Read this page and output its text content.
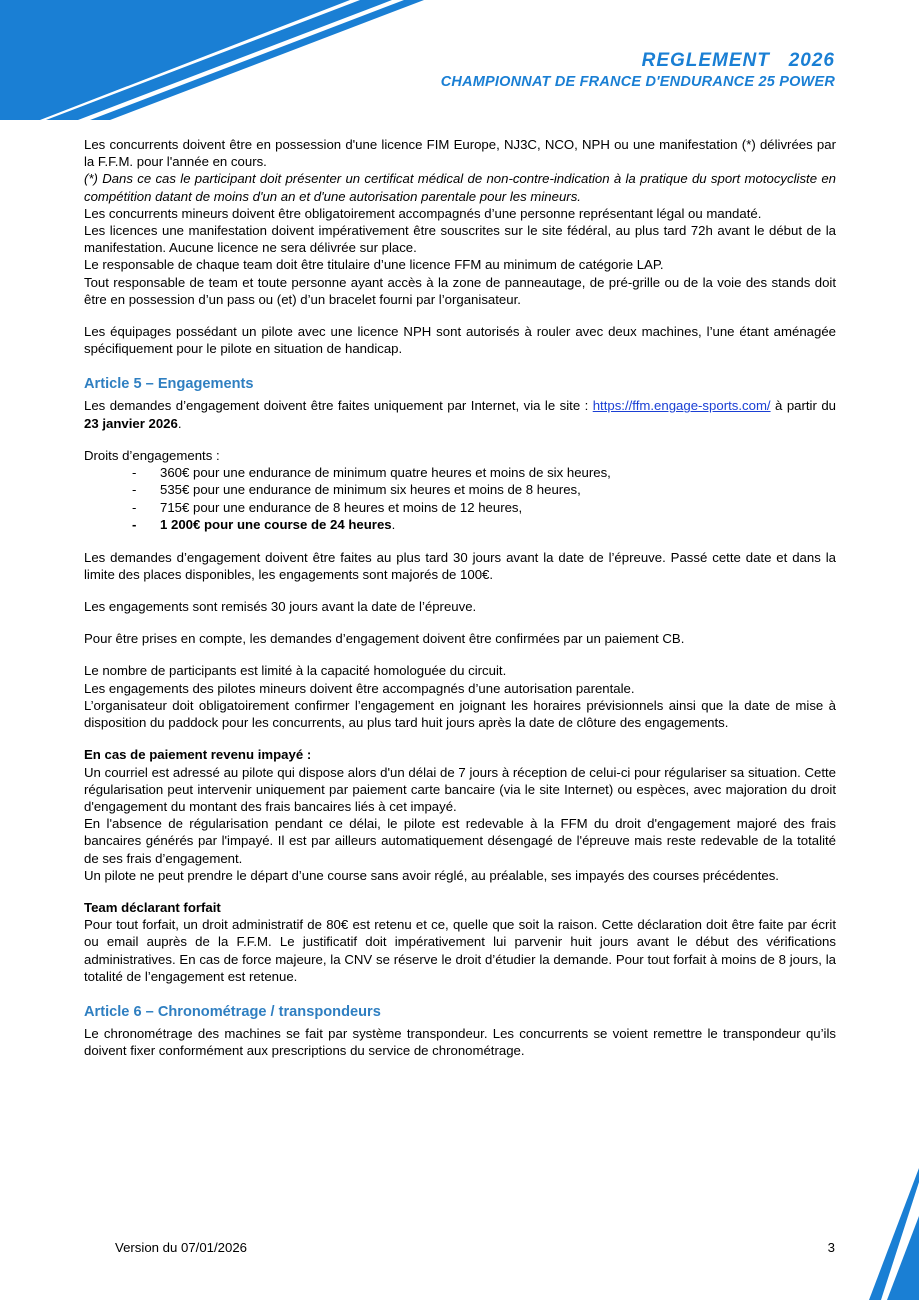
REGLEMENT 2026
CHAMPIONNAT DE FRANCE D'ENDURANCE 25 POWER

Les concurrents doivent être en possession d'une licence FIM Europe, NJ3C, NCO, NPH ou une manifestation (*) délivrées par la F.F.M. pour l'année en cours.

(*) Dans ce cas le participant doit présenter un certificat médical de non-contre-indication à la pratique du sport motocycliste en compétition datant de moins d'un an et d'une autorisation parentale pour les mineurs.

Les concurrents mineurs doivent être obligatoirement accompagnés d’une personne représentant légal ou mandaté.

Les licences une manifestation doivent impérativement être souscrites sur le site fédéral, au plus tard 72h avant le début de la manifestation. Aucune licence ne sera délivrée sur place.

Le responsable de chaque team doit être titulaire d’une licence FFM au minimum de catégorie LAP.

Tout responsable de team et toute personne ayant accès à la zone de panneautage, de pré-grille ou de la voie des stands doit être en possession d’un pass ou (et) d’un bracelet fourni par l’organisateur.

Les équipages possédant un pilote avec une licence NPH sont autorisés à rouler avec deux machines, l’une étant aménagée spécifiquement pour le pilote en situation de handicap.

Article 5 – Engagements

Les demandes d’engagement doivent être faites uniquement par Internet, via le site : https://ffm.engage-sports.com/ à partir du 23 janvier 2026.

Droits d’engagements :

- 360€ pour une endurance de minimum quatre heures et moins de six heures,
- 535€ pour une endurance de minimum six heures et moins de 8 heures,
- 715€ pour une endurance de 8 heures et moins de 12 heures,
- 1 200€ pour une course de 24 heures.

Les demandes d’engagement doivent être faites au plus tard 30 jours avant la date de l’épreuve. Passé cette date et dans la limite des places disponibles, les engagements sont majorés de 100€.

Les engagements sont remisés 30 jours avant la date de l’épreuve.

Pour être prises en compte, les demandes d’engagement doivent être confirmées par un paiement CB.

Le nombre de participants est limité à la capacité homologuée du circuit.

Les engagements des pilotes mineurs doivent être accompagnés d’une autorisation parentale.

L’organisateur doit obligatoirement confirmer l’engagement en joignant les horaires prévisionnels ainsi que la date de mise à disposition du paddock pour les concurrents, au plus tard huit jours après la date de clôture des engagements.

En cas de paiement revenu impayé :

Un courriel est adressé au pilote qui dispose alors d'un délai de 7 jours à réception de celui-ci pour régulariser sa situation. Cette régularisation peut intervenir uniquement par paiement carte bancaire (via le site Internet) ou espèces, avec majoration du droit d'engagement du montant des frais bancaires liés à cet impayé.

En l'absence de régularisation pendant ce délai, le pilote est redevable à la FFM du droit d'engagement majoré des frais bancaires générés par l'impayé. Il est par ailleurs automatiquement désengagé de l'épreuve mais reste redevable de la totalité de ses frais d’engagement.

Un pilote ne peut prendre le départ d’une course sans avoir réglé, au préalable, ses impayés des courses précédentes.

Team déclarant forfait

Pour tout forfait, un droit administratif de 80€ est retenu et ce, quelle que soit la raison. Cette déclaration doit être faite par écrit ou email auprès de la F.F.M. Le justificatif doit impérativement lui parvenir huit jours avant le début des vérifications administratives. En cas de force majeure, la CNV se réserve le droit d’étudier la demande. Pour tout forfait à moins de 8 jours, la totalité de l’engagement est retenue.

Article 6 – Chronométrage / transpondeurs

Le chronométrage des machines se fait par système transpondeur. Les concurrents se voient remettre le transpondeur qu’ils doivent fixer conformément aux prescriptions du service de chronométrage.

Version du 07/01/2026	3
